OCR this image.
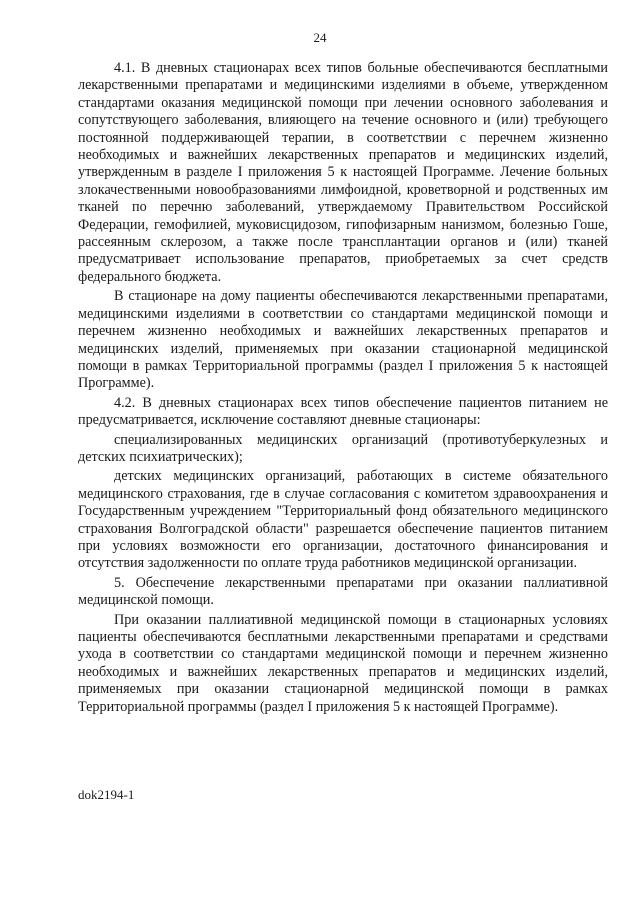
24

4.1. В дневных стационарах всех типов больные обеспечиваются бесплатными лекарственными препаратами и медицинскими изделиями в объеме, утвержденном стандартами оказания медицинской помощи при лечении основного заболевания и сопутствующего заболевания, влияющего на течение основного и (или) требующего постоянной поддерживающей терапии, в соответствии с перечнем жизненно необходимых и важнейших лекарственных препаратов и медицинских изделий, утвержденным в разделе I приложения 5 к настоящей Программе. Лечение больных злокачественными новообразованиями лимфоидной, кроветворной и родственных им тканей по перечню заболеваний, утверждаемому Правительством Российской Федерации, гемофилией, муковисцидозом, гипофизарным нанизмом, болезнью Гоше, рассеянным склерозом, а также после трансплантации органов и (или) тканей предусматривает использование препаратов, приобретаемых за счет средств федерального бюджета.

В стационаре на дому пациенты обеспечиваются лекарственными препаратами, медицинскими изделиями в соответствии со стандартами медицинской помощи и перечнем жизненно необходимых и важнейших лекарственных препаратов и медицинских изделий, применяемых при оказании стационарной медицинской помощи в рамках Территориальной программы (раздел I приложения 5 к настоящей Программе).

4.2. В дневных стационарах всех типов обеспечение пациентов питанием не предусматривается, исключение составляют дневные стационары:

специализированных медицинских организаций (противотуберкулезных и детских психиатрических);

детских медицинских организаций, работающих в системе обязательного медицинского страхования, где в случае согласования с комитетом здравоохранения и Государственным учреждением "Территориальный фонд обязательного медицинского страхования Волгоградской области" разрешается обеспечение пациентов питанием при условиях возможности его организации, достаточного финансирования и отсутствия задолженности по оплате труда работников медицинской организации.

5. Обеспечение лекарственными препаратами при оказании паллиативной медицинской помощи.

При оказании паллиативной медицинской помощи в стационарных условиях пациенты обеспечиваются бесплатными лекарственными препаратами и средствами ухода в соответствии со стандартами медицинской помощи и перечнем жизненно необходимых и важнейших лекарственных препаратов и медицинских изделий, применяемых при оказании стационарной медицинской помощи в рамках Территориальной программы (раздел I приложения 5 к настоящей Программе).

dok2194-1
